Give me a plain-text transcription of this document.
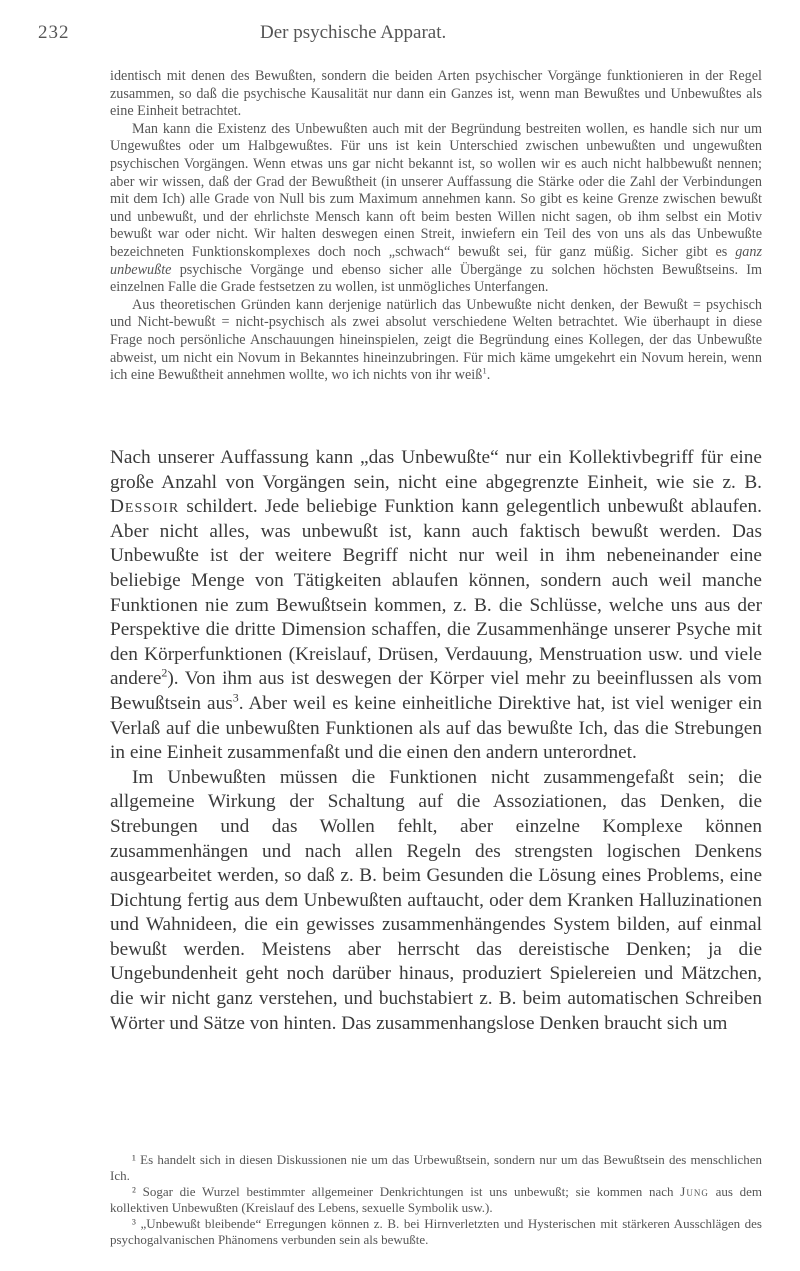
232	Der psychische Apparat.

identisch mit denen des Bewußten, sondern die beiden Arten psychischer Vorgänge funktionieren in der Regel zusammen, so daß die psychische Kausalität nur dann ein Ganzes ist, wenn man Bewußtes und Unbewußtes als eine Einheit betrachtet.

Man kann die Existenz des Unbewußten auch mit der Begründung bestreiten wollen, es handle sich nur um Ungewußtes oder um Halbgewußtes. Für uns ist kein Unterschied zwischen unbewußten und ungewußten psychischen Vorgängen. Wenn etwas uns gar nicht bekannt ist, so wollen wir es auch nicht halbbewußt nennen; aber wir wissen, daß der Grad der Bewußtheit (in unserer Auffassung die Stärke oder die Zahl der Verbindungen mit dem Ich) alle Grade von Null bis zum Maximum annehmen kann. So gibt es keine Grenze zwischen bewußt und unbewußt, und der ehrlichste Mensch kann oft beim besten Willen nicht sagen, ob ihm selbst ein Motiv bewußt war oder nicht. Wir halten deswegen einen Streit, inwiefern ein Teil des von uns als das Unbewußte bezeichneten Funktionskomplexes doch noch „schwach“ bewußt sei, für ganz müßig. Sicher gibt es ganz unbewußte psychische Vorgänge und ebenso sicher alle Übergänge zu solchen höchsten Bewußtseins. Im einzelnen Falle die Grade festsetzen zu wollen, ist unmögliches Unterfangen.

Aus theoretischen Gründen kann derjenige natürlich das Unbewußte nicht denken, der Bewußt = psychisch und Nicht-bewußt = nicht-psychisch als zwei absolut verschiedene Welten betrachtet. Wie überhaupt in diese Frage noch persönliche Anschauungen hineinspielen, zeigt die Begründung eines Kollegen, der das Unbewußte abweist, um nicht ein Novum in Bekanntes hineinzubringen. Für mich käme umgekehrt ein Novum herein, wenn ich eine Bewußtheit annehmen wollte, wo ich nichts von ihr weiß$^1$.

Nach unserer Auffassung kann „das Unbewußte“ nur ein Kollektivbegriff für eine große Anzahl von Vorgängen sein, nicht eine abgegrenzte Einheit, wie sie z. B. Dessoir schildert. Jede beliebige Funktion kann gelegentlich unbewußt ablaufen. Aber nicht alles, was unbewußt ist, kann auch faktisch bewußt werden. Das Unbewußte ist der weitere Begriff nicht nur weil in ihm nebeneinander eine beliebige Menge von Tätigkeiten ablaufen können, sondern auch weil manche Funktionen nie zum Bewußtsein kommen, z. B. die Schlüsse, welche uns aus der Perspektive die dritte Dimension schaffen, die Zusammenhänge unserer Psyche mit den Körperfunktionen (Kreislauf, Drüsen, Verdauung, Menstruation usw. und viele andere$^2$). Von ihm aus ist deswegen der Körper viel mehr zu beeinflussen als vom Bewußtsein aus$^3$. Aber weil es keine einheitliche Direktive hat, ist viel weniger ein Verlaß auf die unbewußten Funktionen als auf das bewußte Ich, das die Strebungen in eine Einheit zusammenfaßt und die einen den andern unterordnet.

Im Unbewußten müssen die Funktionen nicht zusammengefaßt sein; die allgemeine Wirkung der Schaltung auf die Assoziationen, das Denken, die Strebungen und das Wollen fehlt, aber einzelne Komplexe können zusammenhängen und nach allen Regeln des strengsten logischen Denkens ausgearbeitet werden, so daß z. B. beim Gesunden die Lösung eines Problems, eine Dichtung fertig aus dem Unbewußten auftaucht, oder dem Kranken Halluzinationen und Wahnideen, die ein gewisses zusammenhängendes System bilden, auf einmal bewußt werden. Meistens aber herrscht das dereistische Denken; ja die Ungebundenheit geht noch darüber hinaus, produziert Spielereien und Mätzchen, die wir nicht ganz verstehen, und buchstabiert z. B. beim automatischen Schreiben Wörter und Sätze von hinten. Das zusammenhangslose Denken braucht sich um

¹ Es handelt sich in diesen Diskussionen nie um das Urbewußtsein, sondern nur um das Bewußtsein des menschlichen Ich.

² Sogar die Wurzel bestimmter allgemeiner Denkrichtungen ist uns unbewußt; sie kommen nach Jung aus dem kollektiven Unbewußten (Kreislauf des Lebens, sexuelle Symbolik usw.).

³ „Unbewußt bleibende“ Erregungen können z. B. bei Hirnverletzten und Hysterischen mit stärkeren Ausschlägen des psychogalvanischen Phänomens verbunden sein als bewußte.
